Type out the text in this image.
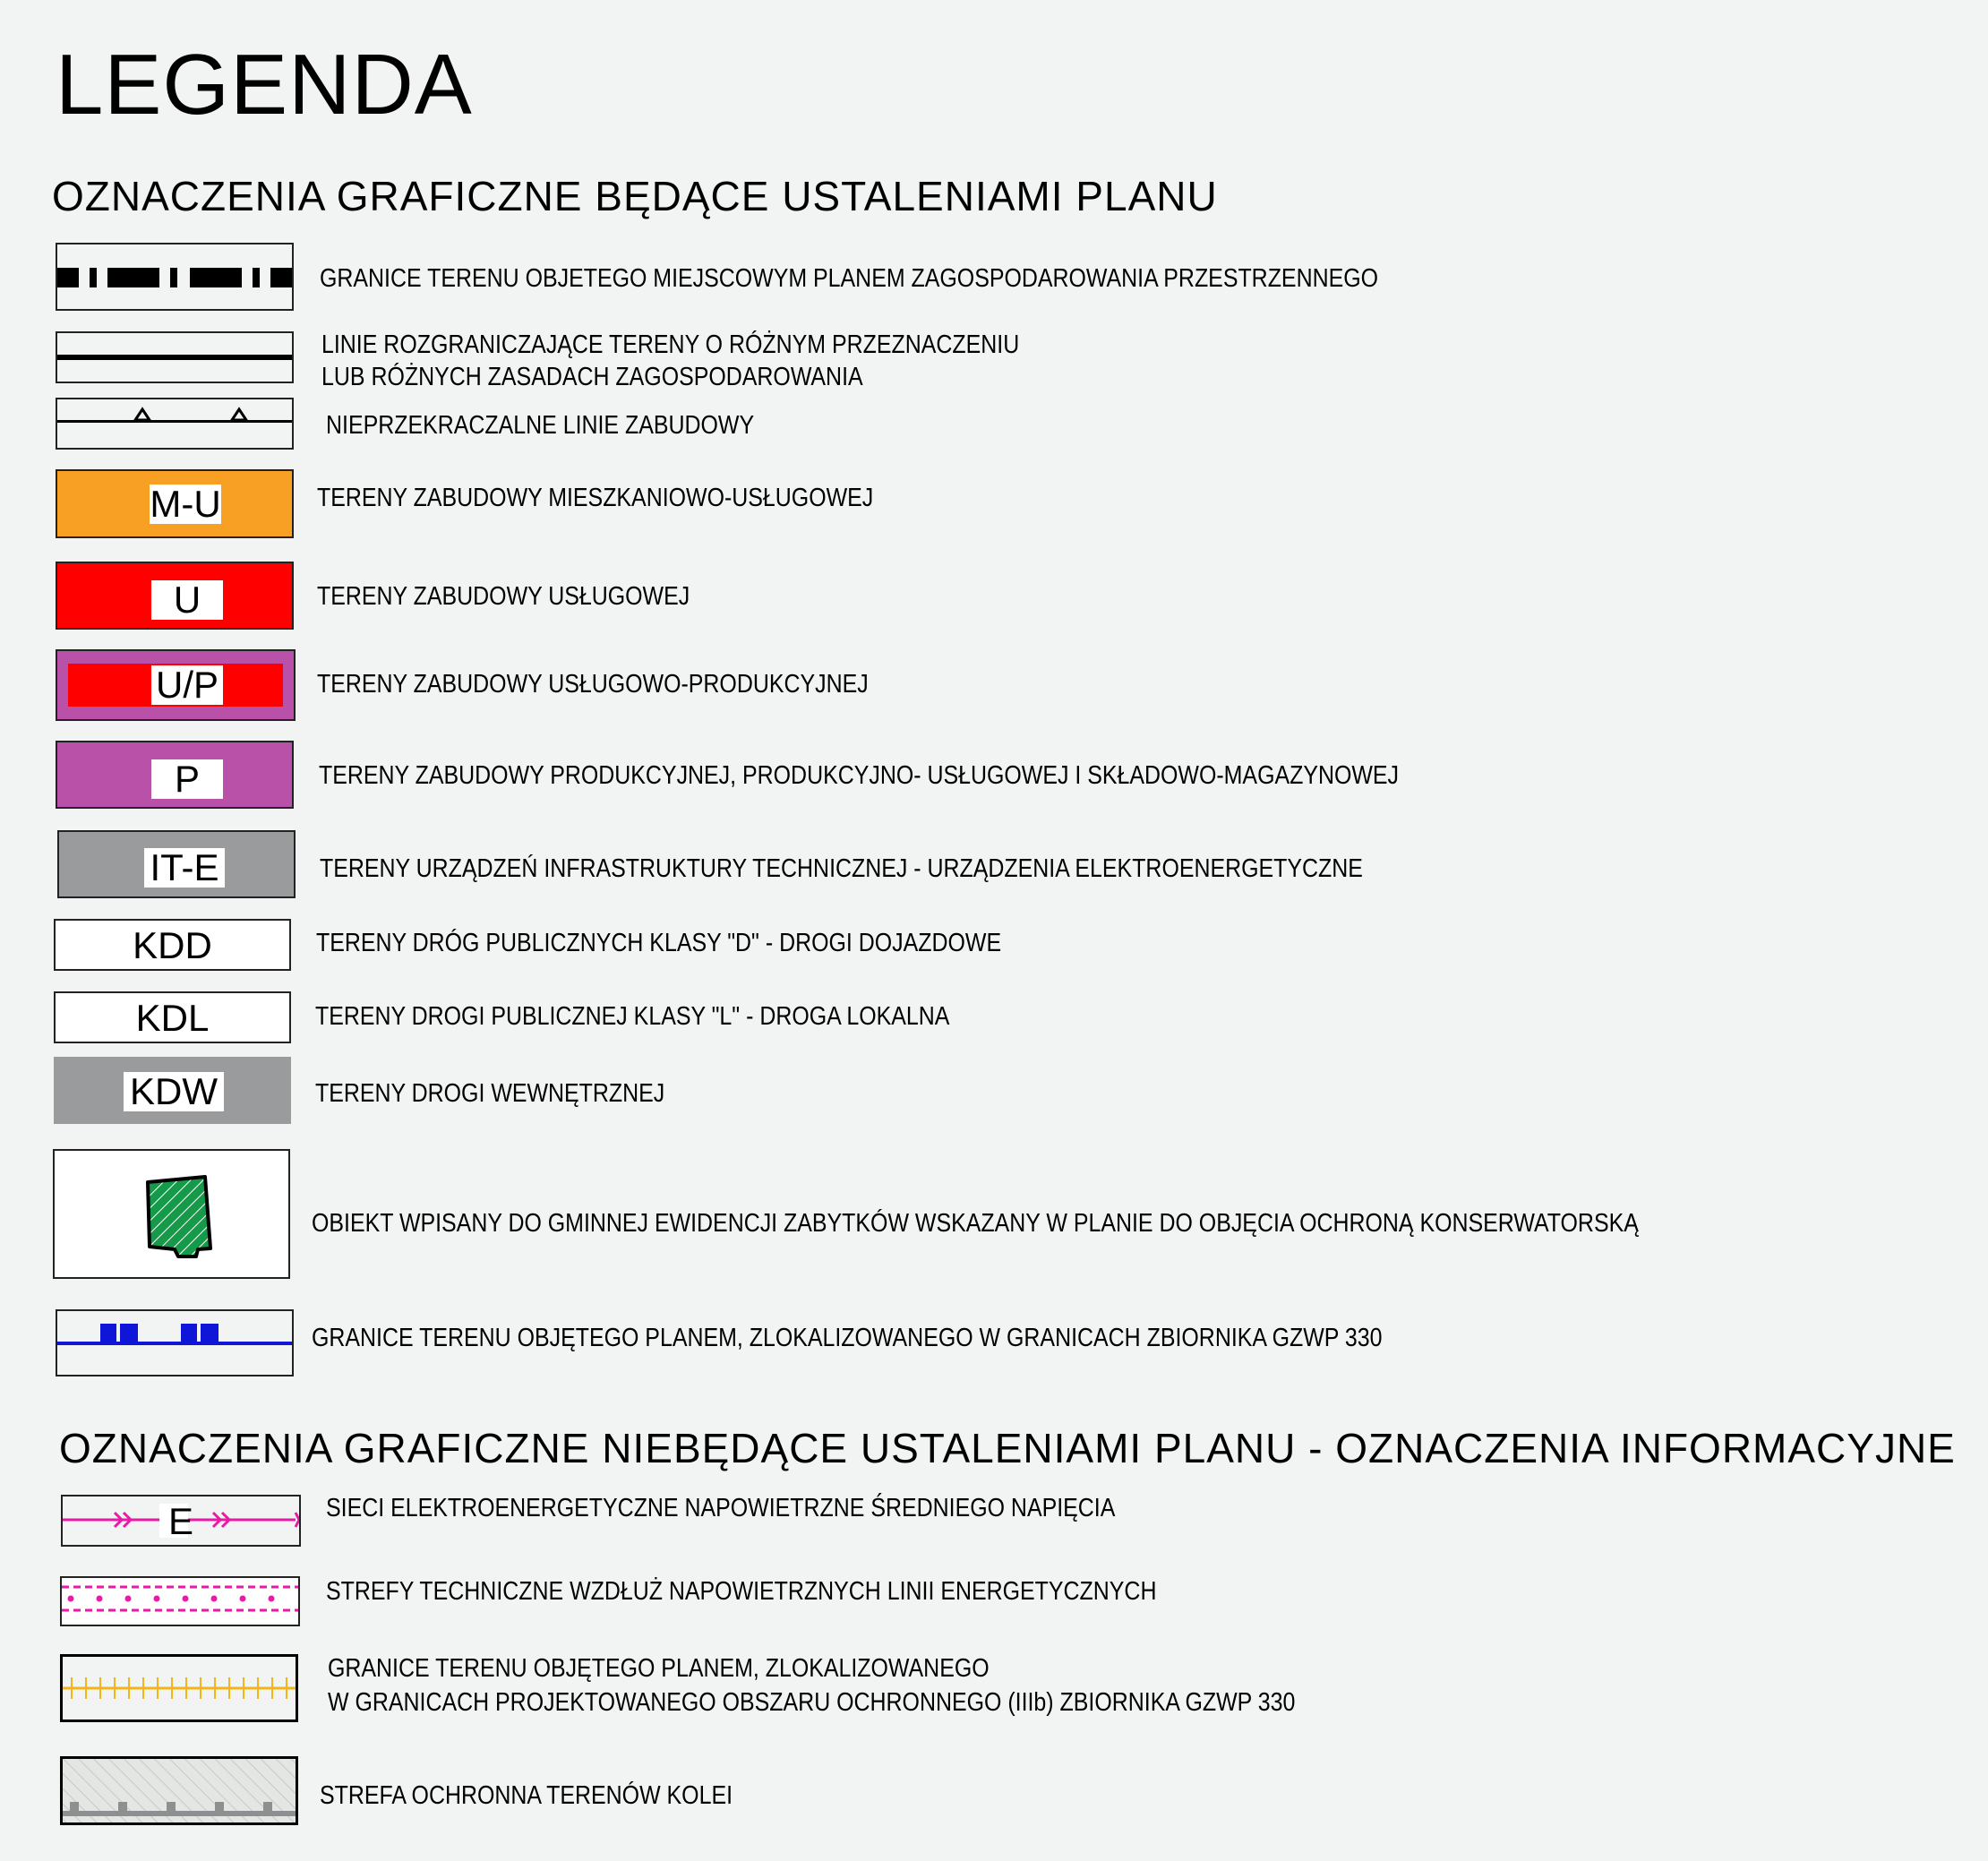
LEGENDA
OZNACZENIA GRAFICZNE BĘDĄCE USTALENIAMI PLANU
GRANICE TERENU OBJETEGO MIEJSCOWYM PLANEM ZAGOSPODAROWANIA PRZESTRZENNEGO
LINIE ROZGRANICZAJĄCE TERENY O RÓŻNYM PRZEZNACZENIU
LUB RÓŻNYCH ZASADACH ZAGOSPODAROWANIA
NIEPRZEKRACZALNE LINIE ZABUDOWY
M-U	TERENY ZABUDOWY MIESZKANIOWO-USŁUGOWEJ
U	TERENY ZABUDOWY USŁUGOWEJ
U/P	TERENY ZABUDOWY USŁUGOWO-PRODUKCYJNEJ
P	TERENY ZABUDOWY PRODUKCYJNEJ, PRODUKCYJNO- USŁUGOWEJ I SKŁADOWO-MAGAZYNOWEJ
IT-E	TERENY URZĄDZEŃ INFRASTRUKTURY TECHNICZNEJ - URZĄDZENIA ELEKTROENERGETYCZNE
KDD	TERENY DRÓG PUBLICZNYCH KLASY "D" - DROGI DOJAZDOWE
KDL	TERENY DROGI PUBLICZNEJ KLASY "L" - DROGA LOKALNA
KDW	TERENY DROGI WEWNĘTRZNEJ
OBIEKT WPISANY DO GMINNEJ EWIDENCJI ZABYTKÓW WSKAZANY W PLANIE DO OBJĘCIA OCHRONĄ KONSERWATORSKĄ
GRANICE TERENU OBJĘTEGO PLANEM, ZLOKALIZOWANEGO W GRANICACH ZBIORNIKA GZWP 330
OZNACZENIA GRAFICZNE NIEBĘDĄCE USTALENIAMI PLANU - OZNACZENIA INFORMACYJNE
E	SIECI ELEKTROENERGETYCZNE NAPOWIETRZNE ŚREDNIEGO NAPIĘCIA
STREFY TECHNICZNE WZDŁUŻ NAPOWIETRZNYCH LINII ENERGETYCZNYCH
GRANICE TERENU OBJĘTEGO PLANEM, ZLOKALIZOWANEGO
W GRANICACH PROJEKTOWANEGO OBSZARU OCHRONNEGO (IIIb) ZBIORNIKA GZWP 330
STREFA OCHRONNA TERENÓW KOLEI
